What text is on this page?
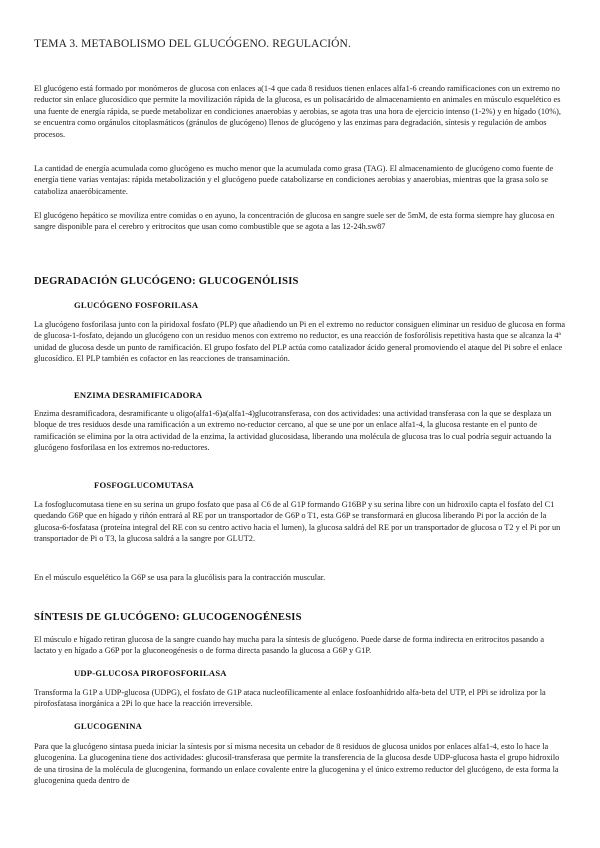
TEMA 3. METABOLISMO DEL GLUCÓGENO. REGULACIÓN.

El glucógeno está formado por monómeros de glucosa con enlaces a(1-4 que cada 8 residuos tienen enlaces alfa1-6 creando ramificaciones con un extremo no reductor sin enlace glucosídico que permite la movilización rápida de la glucosa, es un polisacárido de almacenamiento en animales en músculo esquelético es una fuente de energía rápida, se puede metabolizar en condiciones anaerobias y aerobias, se agota tras una hora de ejercicio intenso (1-2%) y en hígado (10%), se encuentra como orgánulos citoplasmáticos (gránulos de glucógeno) llenos de glucógeno y las enzimas para degradación, síntesis y regulación de ambos procesos.

La cantidad de energía acumulada como glucógeno es mucho menor que la acumulada como grasa (TAG). El almacenamiento de glucógeno como fuente de energía tiene varias ventajas: rápida metabolización y el glucógeno puede catabolizarse en condiciones aerobias y anaerobias, mientras que la grasa solo se cataboliza anaeróbicamente.

El glucógeno hepático se moviliza entre comidas o en ayuno, la concentración de glucosa en sangre suele ser de 5mM, de esta forma siempre hay glucosa en sangre disponible para el cerebro y eritrocitos que usan como combustible que se agota a las 12-24h.sw87

DEGRADACIÓN GLUCÓGENO: GLUCOGENÓLISIS
GLUCÓGENO FOSFORILASA

La glucógeno fosforilasa junto con la piridoxal fosfato (PLP) que añadiendo un Pi en el extremo no reductor consiguen eliminar un residuo de glucosa en forma de glucosa-1-fosfato, dejando un glucógeno con un residuo menos con extremo no reductor, es una reacción de fosforólisis repetitiva hasta que se alcanza la 4ª unidad de glucosa desde un punto de ramificación. El grupo fosfato del PLP actúa como catalizador ácido general promoviendo el ataque del Pi sobre el enlace glucosídico. El PLP también es cofactor en las reacciones de transaminación.

ENZIMA DESRAMIFICADORA

Enzima desramificadora, desramificante u oligo(alfa1-6)a(alfa1-4)glucotransferasa, con dos actividades: una actividad transferasa con la que se desplaza un bloque de tres residuos desde una ramificación a un extremo no-reductor cercano, al que se une por un enlace alfa1-4, la glucosa restante en el punto de ramificación se elimina por la otra actividad de la enzima, la actividad glucosidasa, liberando una molécula de glucosa tras lo cual podría seguir actuando la glucógeno fosforilasa en los extremos no-reductores.

FOSFOGLUCOMUTASA

La fosfoglucomutasa tiene en su serina un grupo fosfato que pasa al C6 de al G1P formando G16BP y su serina libre con un hidroxilo capta el fosfato del C1 quedando G6P que en hígado y riñón entrará al RE por un transportador de G6P o T1, esta G6P se transformará en glucosa liberando Pi por la acción de la glucosa-6-fosfatasa (proteína integral del RE con su centro activo hacia el lumen), la glucosa saldrá del RE por un transportador de glucosa o T2 y el Pi por un transportador de Pi o T3, la glucosa saldrá a la sangre por GLUT2.

En el músculo esquelético la G6P se usa para la glucólisis para la contracción muscular.

SÍNTESIS DE GLUCÓGENO: GLUCOGENOGÉNESIS

El músculo e hígado retiran glucosa de la sangre cuando hay mucha para la síntesis de glucógeno. Puede darse de forma indirecta en eritrocitos pasando a lactato y en hígado a G6P por la gluconeogénesis o de forma directa pasando la glucosa a G6P y G1P.

UDP-GLUCOSA PIROFOSFORILASA

Transforma la G1P a UDP-glucosa (UDPG), el fosfato de G1P ataca nucleofílicamente al enlace fosfoanhídrido alfa-beta del UTP, el PPi se idroliza por la pirofosfatasa inorgánica a 2Pi lo que hace la reacción irreversible.

GLUCOGENINA

Para que la glucógeno sintasa pueda iniciar la síntesis por sí misma necesita un cebador de 8 residuos de glucosa unidos por enlaces alfa1-4, esto lo hace la glucogenina. La glucogenina tiene dos actividades: glucosil-transferasa que permite la transferencia de la glucosa desde UDP-glucosa hasta el grupo hidroxilo de una tirosina de la molécula de glucogenina, formando un enlace covalente entre la glucogenina y el único extremo reductor del glucógeno, de esta forma la glucogenina queda dentro de
